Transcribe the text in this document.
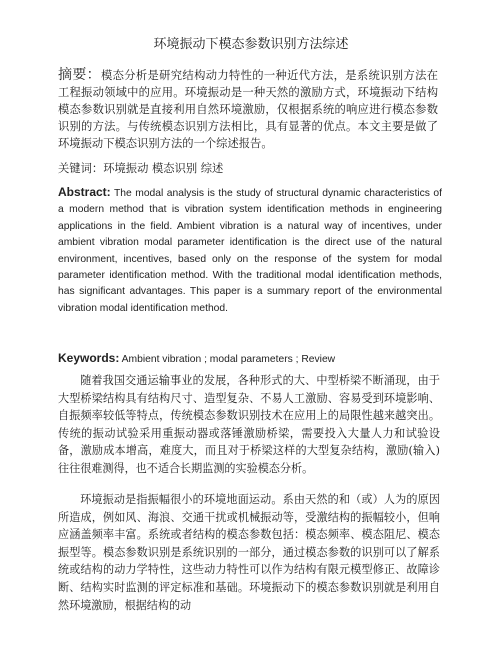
环境振动下模态参数识别方法综述
摘要：模态分析是研究结构动力特性的一种近代方法，是系统识别方法在工程振动领域中的应用。环境振动是一种天然的激励方式，环境振动下结构模态参数识别就是直接利用自然环境激励，仅根据系统的响应进行模态参数识别的方法。与传统模态识别方法相比，具有显著的优点。本文主要是做了环境振动下模态识别方法的一个综述报告。
关键词：环境振动 模态识别 综述
Abstract: The modal analysis is the study of structural dynamic characteristics of a modern method that is vibration system identification methods in engineering applications in the field. Ambient vibration is a natural way of incentives, under ambient vibration modal parameter identification is the direct use of the natural environment, incentives, based only on the response of the system for modal parameter identification method. With the traditional modal identification methods, has significant advantages. This paper is a summary report of the environmental vibration modal identification method.
Keywords: Ambient vibration ; modal parameters ; Review
随着我国交通运输事业的发展，各种形式的大、中型桥梁不断涌现，由于大型桥梁结构具有结构尺寸、造型复杂、不易人工激励、容易受到环境影响、自振频率较低等特点，传统模态参数识别技术在应用上的局限性越来越突出。传统的振动试验采用重振动器或落锤激励桥梁，需要投入大量人力和试验设备，激励成本增高，难度大，而且对于桥梁这样的大型复杂结构，激励(输入)往往很难测得，也不适合长期监测的实验模态分析。
环境振动是指振幅很小的环境地面运动。系由天然的和（或）人为的原因所造成，例如风、海浪、交通干扰或机械振动等，受激结构的振幅较小，但响应涵盖频率丰富。系统或者结构的模态参数包括：模态频率、模态阻尼、模态振型等。模态参数识别是系统识别的一部分，通过模态参数的识别可以了解系统或结构的动力学特性，这些动力特性可以作为结构有限元模型修正、故障诊断、结构实时监测的评定标准和基础。环境振动下的模态参数识别就是利用自然环境激励，根据结构的动
